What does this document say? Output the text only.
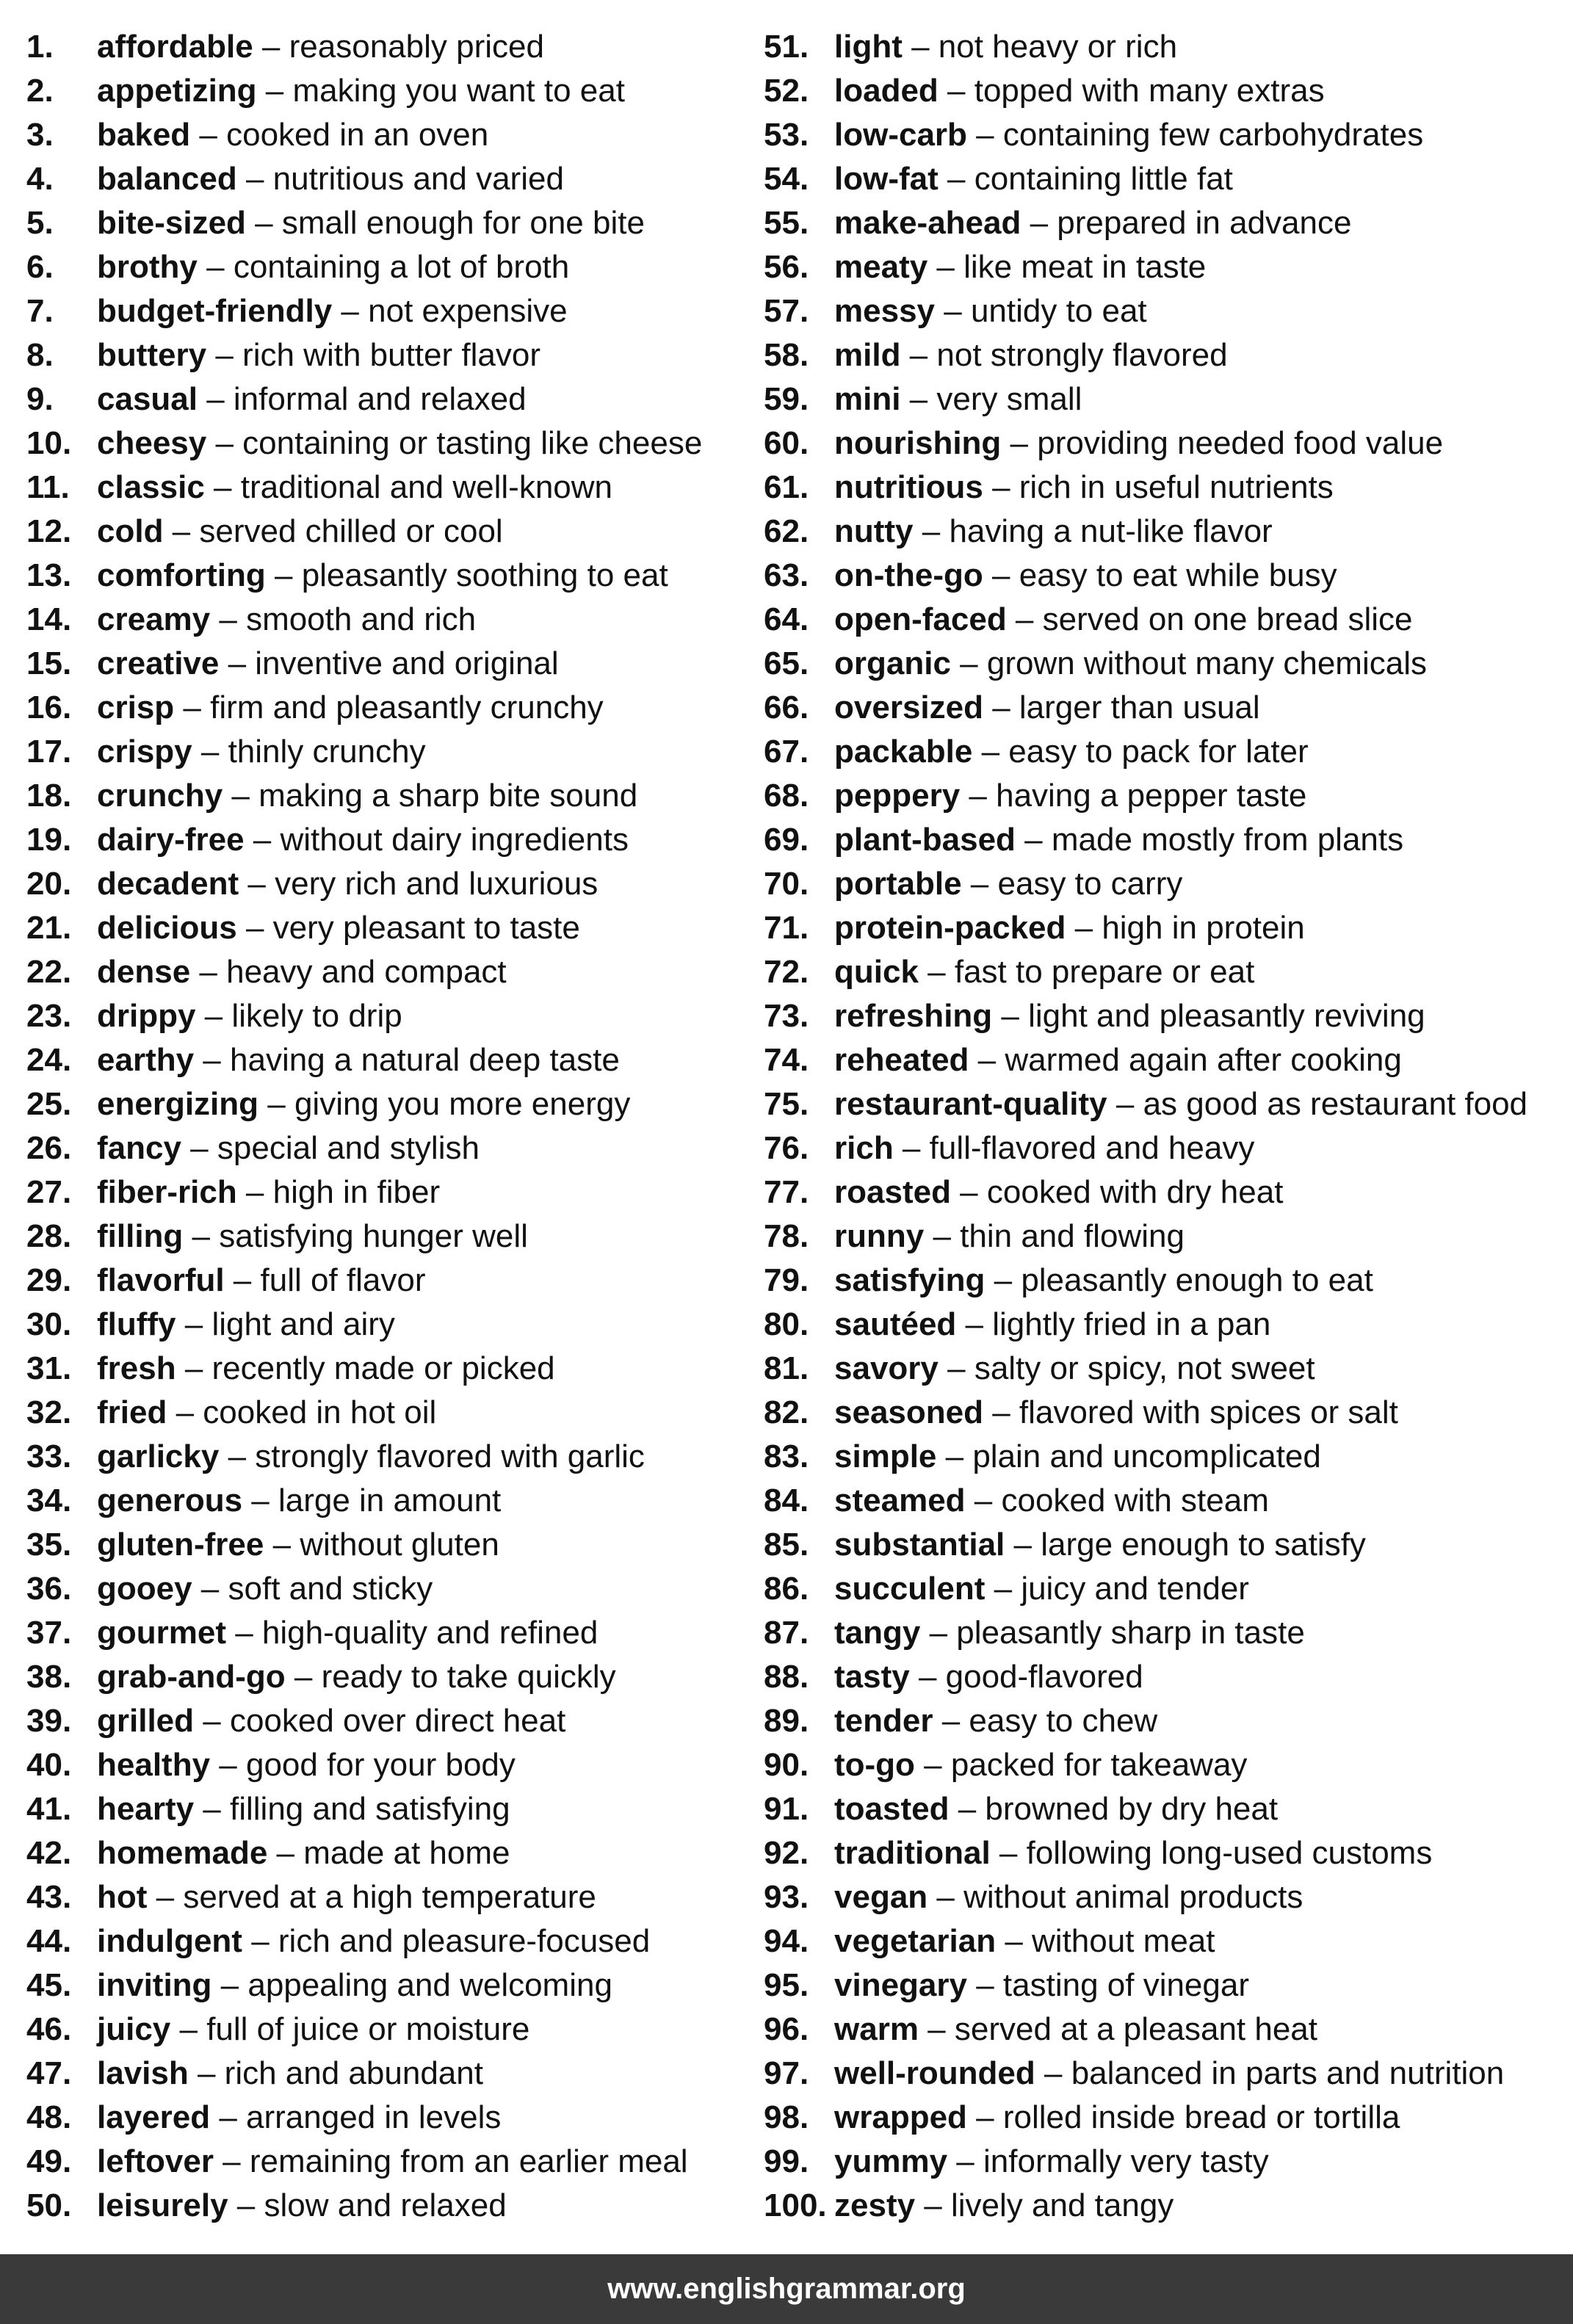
1.	affordable – reasonably priced
2.	appetizing – making you want to eat
3.	baked – cooked in an oven
4.	balanced – nutritious and varied
5.	bite-sized – small enough for one bite
6.	brothy – containing a lot of broth
7.	budget-friendly – not expensive
8.	buttery – rich with butter flavor
9.	casual – informal and relaxed
10. cheesy – containing or tasting like cheese
11. classic – traditional and well-known
12. cold – served chilled or cool
13. comforting – pleasantly soothing to eat
14. creamy – smooth and rich
15. creative – inventive and original
16. crisp – firm and pleasantly crunchy
17. crispy – thinly crunchy
18. crunchy – making a sharp bite sound
19. dairy-free – without dairy ingredients
20. decadent – very rich and luxurious
21. delicious – very pleasant to taste
22. dense – heavy and compact
23. drippy – likely to drip
24. earthy – having a natural deep taste
25. energizing – giving you more energy
26. fancy – special and stylish
27. fiber-rich – high in fiber
28. filling – satisfying hunger well
29. flavorful – full of flavor
30. fluffy – light and airy
31. fresh – recently made or picked
32. fried – cooked in hot oil
33. garlicky – strongly flavored with garlic
34. generous – large in amount
35. gluten-free – without gluten
36. gooey – soft and sticky
37. gourmet – high-quality and refined
38. grab-and-go – ready to take quickly
39. grilled – cooked over direct heat
40. healthy – good for your body
41. hearty – filling and satisfying
42. homemade – made at home
43. hot – served at a high temperature
44. indulgent – rich and pleasure-focused
45. inviting – appealing and welcoming
46. juicy – full of juice or moisture
47. lavish – rich and abundant
48. layered – arranged in levels
49. leftover – remaining from an earlier meal
50. leisurely – slow and relaxed
51. light – not heavy or rich
52. loaded – topped with many extras
53. low-carb – containing few carbohydrates
54. low-fat – containing little fat
55. make-ahead – prepared in advance
56. meaty – like meat in taste
57. messy – untidy to eat
58. mild – not strongly flavored
59. mini – very small
60. nourishing – providing needed food value
61. nutritious – rich in useful nutrients
62. nutty – having a nut-like flavor
63. on-the-go – easy to eat while busy
64. open-faced – served on one bread slice
65. organic – grown without many chemicals
66. oversized – larger than usual
67. packable – easy to pack for later
68. peppery – having a pepper taste
69. plant-based – made mostly from plants
70. portable – easy to carry
71. protein-packed – high in protein
72. quick – fast to prepare or eat
73. refreshing – light and pleasantly reviving
74. reheated – warmed again after cooking
75. restaurant-quality – as good as restaurant food
76. rich – full-flavored and heavy
77. roasted – cooked with dry heat
78. runny – thin and flowing
79. satisfying – pleasantly enough to eat
80. sautéed – lightly fried in a pan
81. savory – salty or spicy, not sweet
82. seasoned – flavored with spices or salt
83. simple – plain and uncomplicated
84. steamed – cooked with steam
85. substantial – large enough to satisfy
86. succulent – juicy and tender
87. tangy – pleasantly sharp in taste
88. tasty – good-flavored
89. tender – easy to chew
90. to-go – packed for takeaway
91. toasted – browned by dry heat
92. traditional – following long-used customs
93. vegan – without animal products
94. vegetarian – without meat
95. vinegary – tasting of vinegar
96. warm – served at a pleasant heat
97. well-rounded – balanced in parts and nutrition
98. wrapped – rolled inside bread or tortilla
99. yummy – informally very tasty
100. zesty – lively and tangy
www.englishgrammar.org
